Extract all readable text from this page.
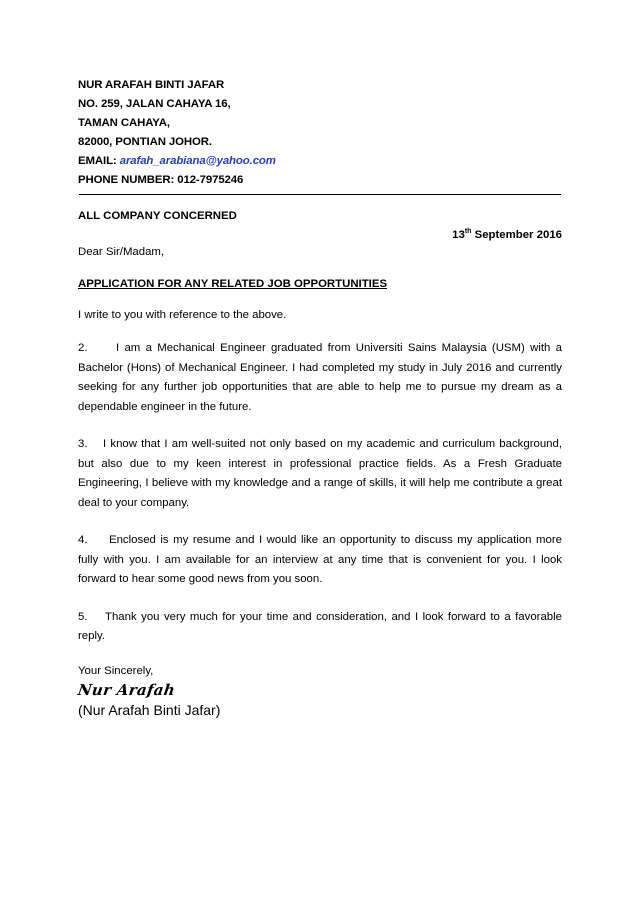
NUR ARAFAH BINTI JAFAR

NO. 259, JALAN CAHAYA 16,

TAMAN CAHAYA,

82000, PONTIAN JOHOR.

EMAIL: arafah_arabiana@yahoo.com

PHONE NUMBER: 012-7975246

ALL COMPANY CONCERNED
13th September 2016
Dear Sir/Madam,
APPLICATION FOR ANY RELATED JOB OPPORTUNITIES
I write to you with reference to the above.
2.	I am a Mechanical Engineer graduated from Universiti Sains Malaysia (USM) with a Bachelor (Hons) of Mechanical Engineer. I had completed my study in July 2016 and currently seeking for any further job opportunities that are able to help me to pursue my dream as a dependable engineer in the future.
3. I know that I am well-suited not only based on my academic and curriculum background, but also due to my keen interest in professional practice fields. As a Fresh Graduate Engineering, I believe with my knowledge and a range of skills, it will help me contribute a great deal to your company.
4. Enclosed is my resume and I would like an opportunity to discuss my application more fully with you. I am available for an interview at any time that is convenient for you. I look forward to hear some good news from you soon.
5. Thank you very much for your time and consideration, and I look forward to a favorable reply.
Your Sincerely,
Nur Arafah
(Nur Arafah Binti Jafar)
